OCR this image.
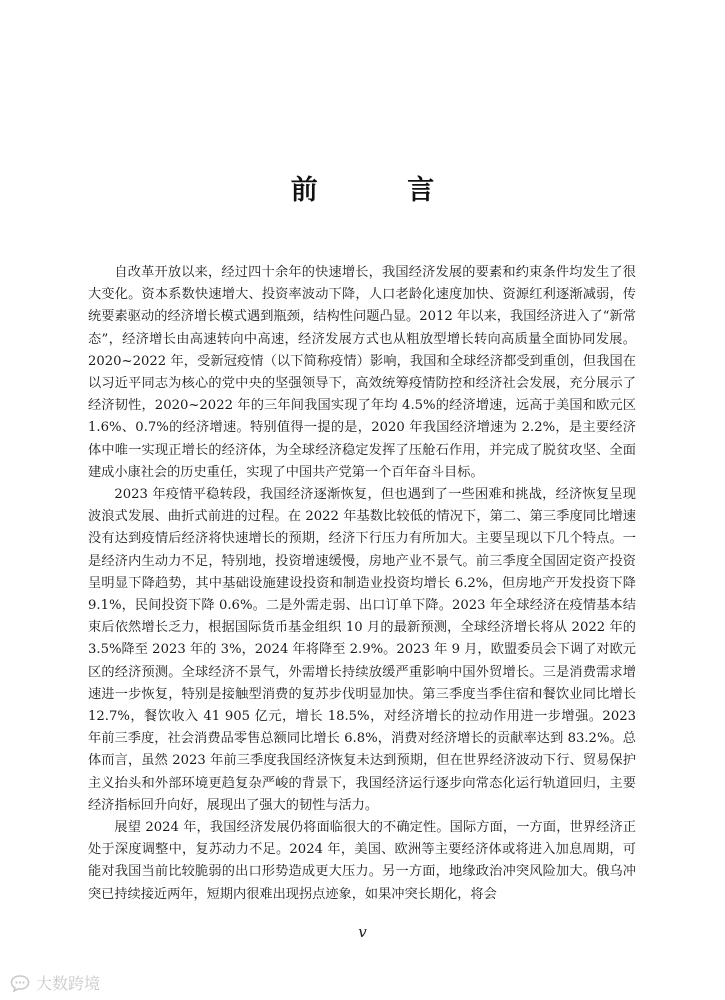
前 言

自改革开放以来，经过四十余年的快速增长，我国经济发展的要素和约束条件均发生了很大变化。资本系数快速增大、投资率波动下降，人口老龄化速度加快、资源红利逐渐减弱，传统要素驱动的经济增长模式遇到瓶颈，结构性问题凸显。2012 年以来，我国经济进入了“新常态”，经济增长由高速转向中高速，经济发展方式也从粗放型增长转向高质量全面协同发展。2020~2022 年，受新冠疫情（以下简称疫情）影响，我国和全球经济都受到重创，但我国在以习近平同志为核心的党中央的坚强领导下，高效统筹疫情防控和经济社会发展，充分展示了经济韧性，2020~2022 年的三年间我国实现了年均 4.5%的经济增速，远高于美国和欧元区 1.6%、0.7%的经济增速。特别值得一提的是，2020 年我国经济增速为 2.2%，是主要经济体中唯一实现正增长的经济体，为全球经济稳定发挥了压舱石作用，并完成了脱贫攻坚、全面建成小康社会的历史重任，实现了中国共产党第一个百年奋斗目标。

2023 年疫情平稳转段，我国经济逐渐恢复，但也遇到了一些困难和挑战，经济恢复呈现波浪式发展、曲折式前进的过程。在 2022 年基数比较低的情况下，第二、第三季度同比增速没有达到疫情后经济将快速增长的预期，经济下行压力有所加大。主要呈现以下几个特点。一是经济内生动力不足，特别地，投资增速缓慢，房地产业不景气。前三季度全国固定资产投资呈明显下降趋势，其中基础设施建设投资和制造业投资均增长 6.2%，但房地产开发投资下降 9.1%，民间投资下降 0.6%。二是外需走弱、出口订单下降。2023 年全球经济在疫情基本结束后依然增长乏力，根据国际货币基金组织 10 月的最新预测，全球经济增长将从 2022 年的 3.5%降至 2023 年的 3%，2024 年将降至 2.9%。2023 年 9 月，欧盟委员会下调了对欧元区的经济预测。全球经济不景气，外需增长持续放缓严重影响中国外贸增长。三是消费需求增速进一步恢复，特别是接触型消费的复苏步伐明显加快。第三季度当季住宿和餐饮业同比增长 12.7%，餐饮收入 41 905 亿元，增长 18.5%，对经济增长的拉动作用进一步增强。2023 年前三季度，社会消费品零售总额同比增长 6.8%，消费对经济增长的贡献率达到 83.2%。总体而言，虽然 2023 年前三季度我国经济恢复未达到预期，但在世界经济波动下行、贸易保护主义抬头和外部环境更趋复杂严峻的背景下，我国经济运行逐步向常态化运行轨道回归，主要经济指标回升向好，展现出了强大的韧性与活力。

展望 2024 年，我国经济发展仍将面临很大的不确定性。国际方面，一方面，世界经济正处于深度调整中，复苏动力不足。2024 年，美国、欧洲等主要经济体或将进入加息周期，可能对我国当前比较脆弱的出口形势造成更大压力。另一方面，地缘政治冲突风险加大。俄乌冲突已持续接近两年，短期内很难出现拐点迹象，如果冲突长期化，将会

v
大数跨境
